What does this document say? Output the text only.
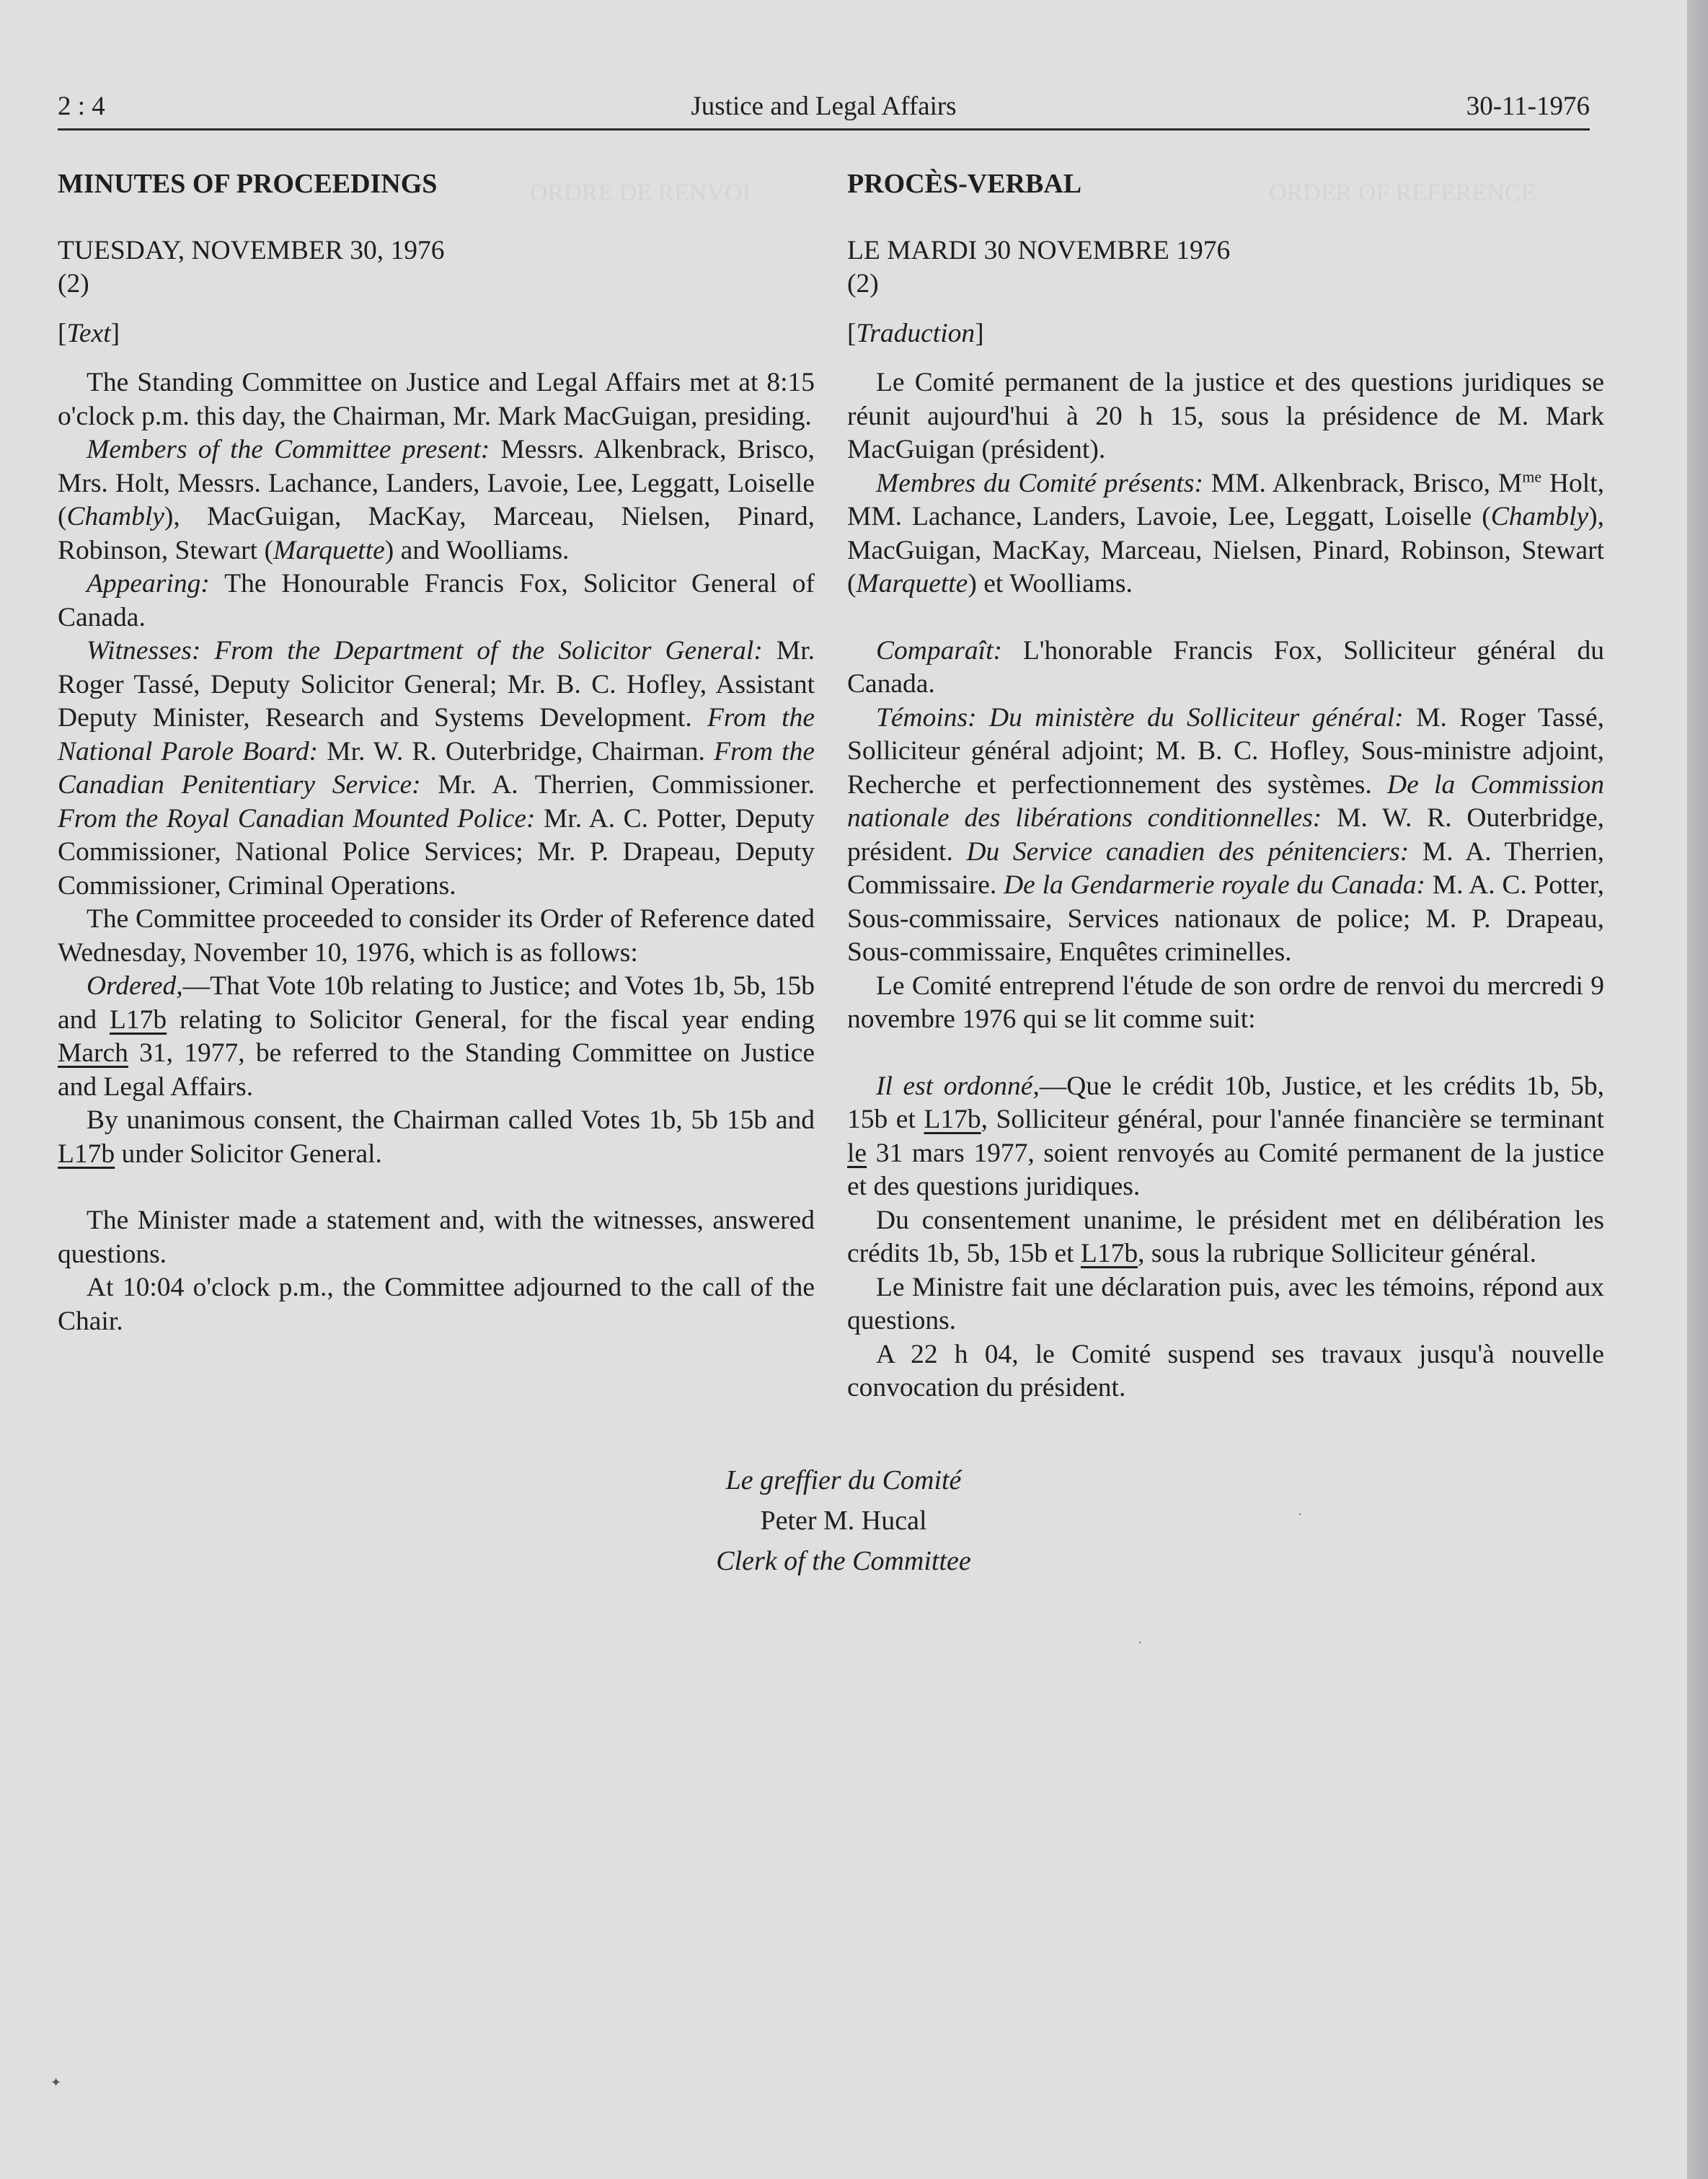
ORDER OF REFERENCE
ORDRE DE RENVOI
2 : 4	Justice and Legal Affairs	30-11-1976

MINUTES OF PROCEEDINGS

TUESDAY, NOVEMBER 30, 1976

(2)

[Text]

The Standing Committee on Justice and Legal Affairs met at 8:15 o'clock p.m. this day, the Chairman, Mr. Mark MacGuigan, presiding.

Members of the Committee present: Messrs. Alkenbrack, Brisco, Mrs. Holt, Messrs. Lachance, Landers, Lavoie, Lee, Leggatt, Loiselle (Chambly), MacGuigan, MacKay, Marceau, Nielsen, Pinard, Robinson, Stewart (Marquette) and Woolliams.

Appearing: The Honourable Francis Fox, Solicitor General of Canada.

Witnesses: From the Department of the Solicitor General: Mr. Roger Tassé, Deputy Solicitor General; Mr. B. C. Hofley, Assistant Deputy Minister, Research and Systems Development. From the National Parole Board: Mr. W. R. Outerbridge, Chairman. From the Canadian Penitentiary Service: Mr. A. Therrien, Commissioner. From the Royal Canadian Mounted Police: Mr. A. C. Potter, Deputy Commissioner, National Police Services; Mr. P. Drapeau, Deputy Commissioner, Criminal Operations.

The Committee proceeded to consider its Order of Reference dated Wednesday, November 10, 1976, which is as follows:

Ordered,—That Vote 10b relating to Justice; and Votes 1b, 5b, 15b and L17b relating to Solicitor General, for the fiscal year ending March 31, 1977, be referred to the Standing Committee on Justice and Legal Affairs.

By unanimous consent, the Chairman called Votes 1b, 5b 15b and L17b under Solicitor General.

The Minister made a statement and, with the witnesses, answered questions.

At 10:04 o'clock p.m., the Committee adjourned to the call of the Chair.

PROCÈS-VERBAL

LE MARDI 30 NOVEMBRE 1976

(2)

[Traduction]

Le Comité permanent de la justice et des questions juridiques se réunit aujourd'hui à 20 h 15, sous la présidence de M. Mark MacGuigan (président).

Membres du Comité présents: MM. Alkenbrack, Brisco, $M^{me}$ Holt, MM. Lachance, Landers, Lavoie, Lee, Leggatt, Loiselle (Chambly), MacGuigan, MacKay, Marceau, Nielsen, Pinard, Robinson, Stewart (Marquette) et Woolliams.

Comparaît: L'honorable Francis Fox, Solliciteur général du Canada.

Témoins: Du ministère du Solliciteur général: M. Roger Tassé, Solliciteur général adjoint; M. B. C. Hofley, Sous-ministre adjoint, Recherche et perfectionnement des systèmes. De la Commission nationale des libérations conditionnelles: M. W. R. Outerbridge, président. Du Service canadien des pénitenciers: M. A. Therrien, Commissaire. De la Gendarmerie royale du Canada: M. A. C. Potter, Sous-commissaire, Services nationaux de police; M. P. Drapeau, Sous-commissaire, Enquêtes criminelles.

Le Comité entreprend l'étude de son ordre de renvoi du mercredi 9 novembre 1976 qui se lit comme suit:

Il est ordonné,—Que le crédit 10b, Justice, et les crédits 1b, 5b, 15b et L17b, Solliciteur général, pour l'année financière se terminant le 31 mars 1977, soient renvoyés au Comité permanent de la justice et des questions juridiques.

Du consentement unanime, le président met en délibération les crédits 1b, 5b, 15b et L17b, sous la rubrique Solliciteur général.

Le Ministre fait une déclaration puis, avec les témoins, répond aux questions.

A 22 h 04, le Comité suspend ses travaux jusqu'à nouvelle convocation du président.

Le greffier du Comité
Peter M. Hucal
Clerk of the Committee
✦
·
·
